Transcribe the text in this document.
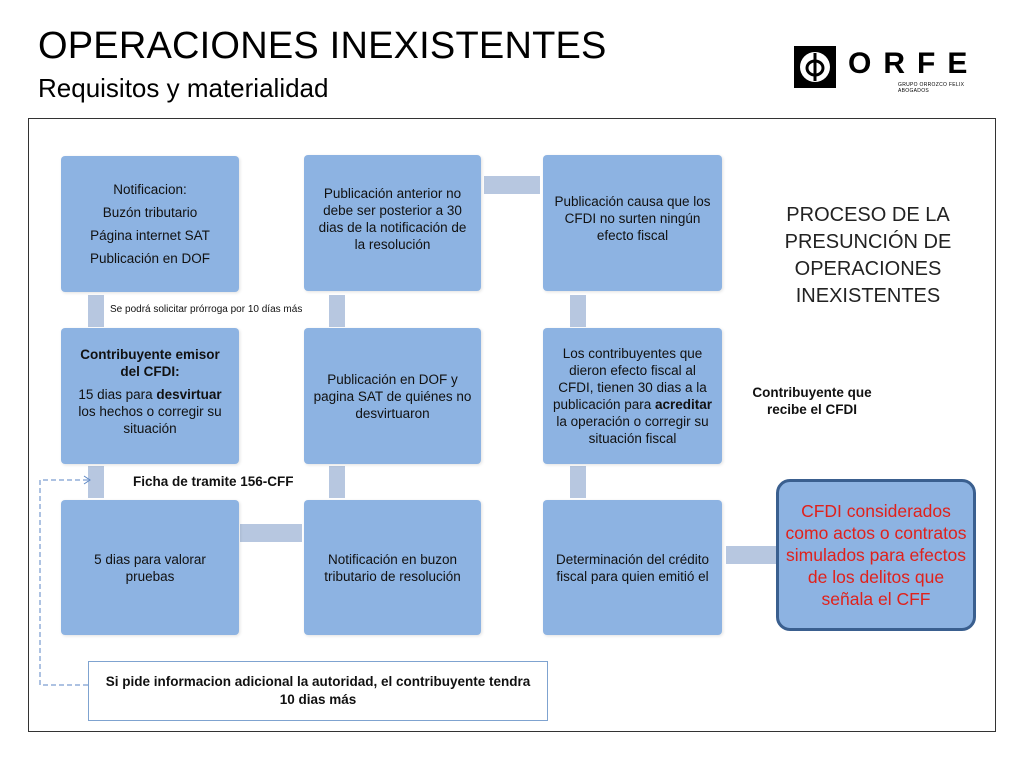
OPERACIONES INEXISTENTES
Requisitos y materialidad
ORFE
GRUPO ORROZCO FELIX ABOGADOS

Notificacion:

Buzón tributario

Página internet SAT

Publicación en DOF

Publicación anterior no debe ser posterior a 30 dias de la notificación de la resolución

Publicación causa que los CFDI no surten ningún efecto fiscal

Contribuyente emisor del CFDI:

15 dias para desvirtuar los hechos o corregir su situación

Publicación en DOF y pagina SAT de quiénes no desvirtuaron

Los contribuyentes que dieron efecto fiscal al CFDI, tienen 30 dias a la publicación para acreditar la operación o corregir su situación fiscal

5 dias para valorar pruebas

Notificación en buzon tributario de resolución

Determinación del crédito fiscal para quien emitió el

Se podrá solicitar prórroga por 10 días más
Ficha de tramite 156-CFF
Contribuyente que recibe el CFDI
PROCESO DE LA PRESUNCIÓN DE OPERACIONES INEXISTENTES
CFDI considerados como actos o contratos simulados para efectos de los delitos que señala el CFF
Si pide informacion adicional la autoridad, el contribuyente tendra 10 dias más
